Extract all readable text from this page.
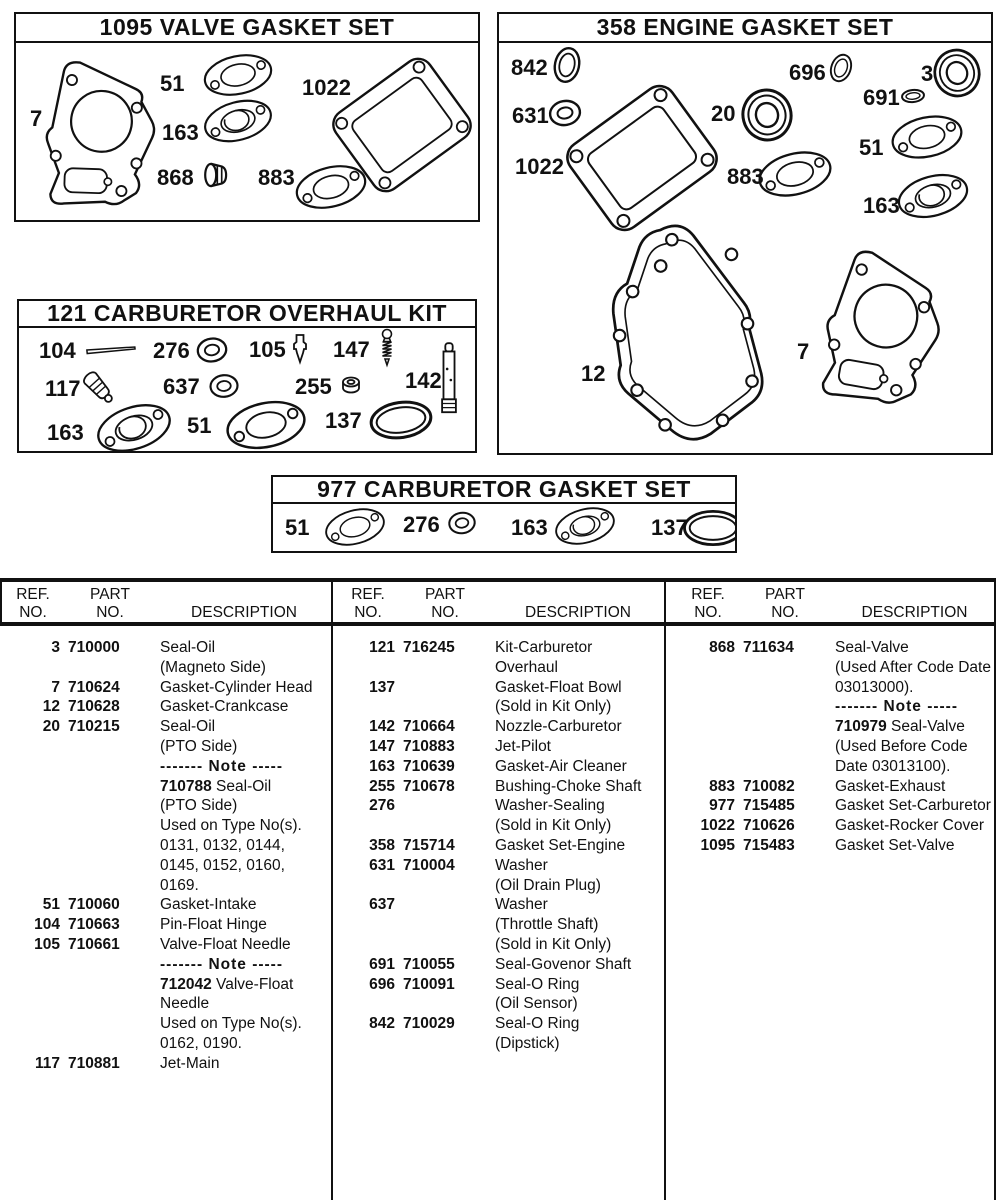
1095 VALVE GASKET SET
7
51
163
868	883
1022
358 ENGINE GASKET SET
842
631
1022
20
696	3
691
51
883
163
12
7
121 CARBURETOR OVERHAUL KIT
104	276	105 147
117	637	255	142
163	51	137
977 CARBURETOR GASKET SET
51	276	163	137
REF.
NO.
PART
NO.	DESCRIPTION
REF.
NO.
PART
NO.	DESCRIPTION
REF.
NO.
PART
NO.	DESCRIPTION
3 710000	Seal-Oil
(Magneto Side)
7 710624	Gasket-Cylinder Head
12 710628	Gasket-Crankcase
20 710215	Seal-Oil
(PTO Side)
------- Note -----
710788 Seal-Oil
(PTO Side)
Used on Type No(s).
0131, 0132, 0144,
0145, 0152, 0160,
0169.
51 710060	Gasket-Intake
104 710663	Pin-Float Hinge
105 710661	Valve-Float Needle
------- Note -----
712042 Valve-Float
Needle
Used on Type No(s).
0162, 0190.
117 710881	Jet-Main
121 716245	Kit-Carburetor
Overhaul
137	Gasket-Float Bowl
(Sold in Kit Only)
142 710664	Nozzle-Carburetor
147 710883	Jet-Pilot
163 710639	Gasket-Air Cleaner
255 710678	Bushing-Choke Shaft
276	Washer-Sealing
(Sold in Kit Only)
358 715714	Gasket Set-Engine
631 710004	Washer
(Oil Drain Plug)
637	Washer
(Throttle Shaft)
(Sold in Kit Only)
691 710055	Seal-Govenor Shaft
696 710091	Seal-O Ring
(Oil Sensor)
842 710029	Seal-O Ring
(Dipstick)
868 711634	Seal-Valve
(Used After Code Date
03013000).
------- Note -----
710979 Seal-Valve
(Used Before Code
Date 03013100).
883 710082	Gasket-Exhaust
977 715485	Gasket Set-Carburetor
1022 710626	Gasket-Rocker Cover
1095 715483	Gasket Set-Valve
